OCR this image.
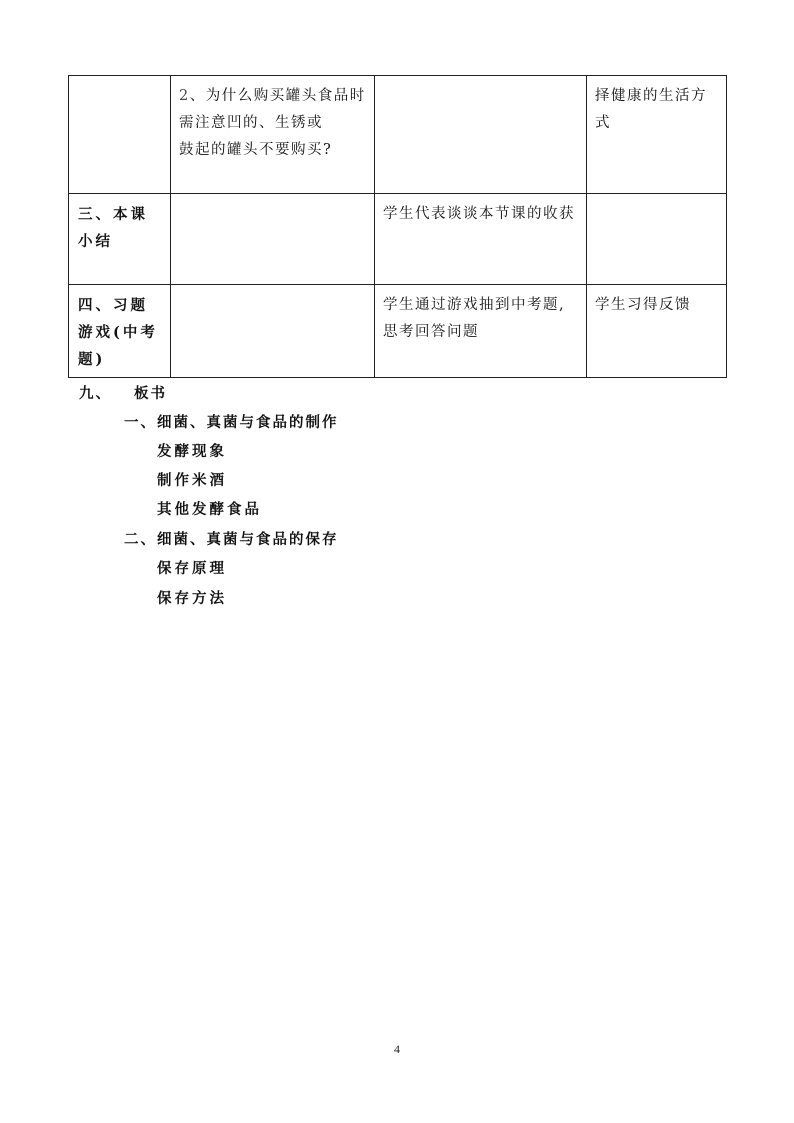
	2、为什么购买罐头食品时
需注意凹的、生锈或
鼓起的罐头不要购买?		择健康的生活方式
三、本课小结		学生代表谈谈本节课的收获	
四、习题游戏(中考题)		学生通过游戏抽到中考题,思考回答问题	学生习得反馈
九、 板书
一、细菌、真菌与食品的制作
发酵现象
制作米酒
其他发酵食品
二、细菌、真菌与食品的保存
保存原理
保存方法
4
